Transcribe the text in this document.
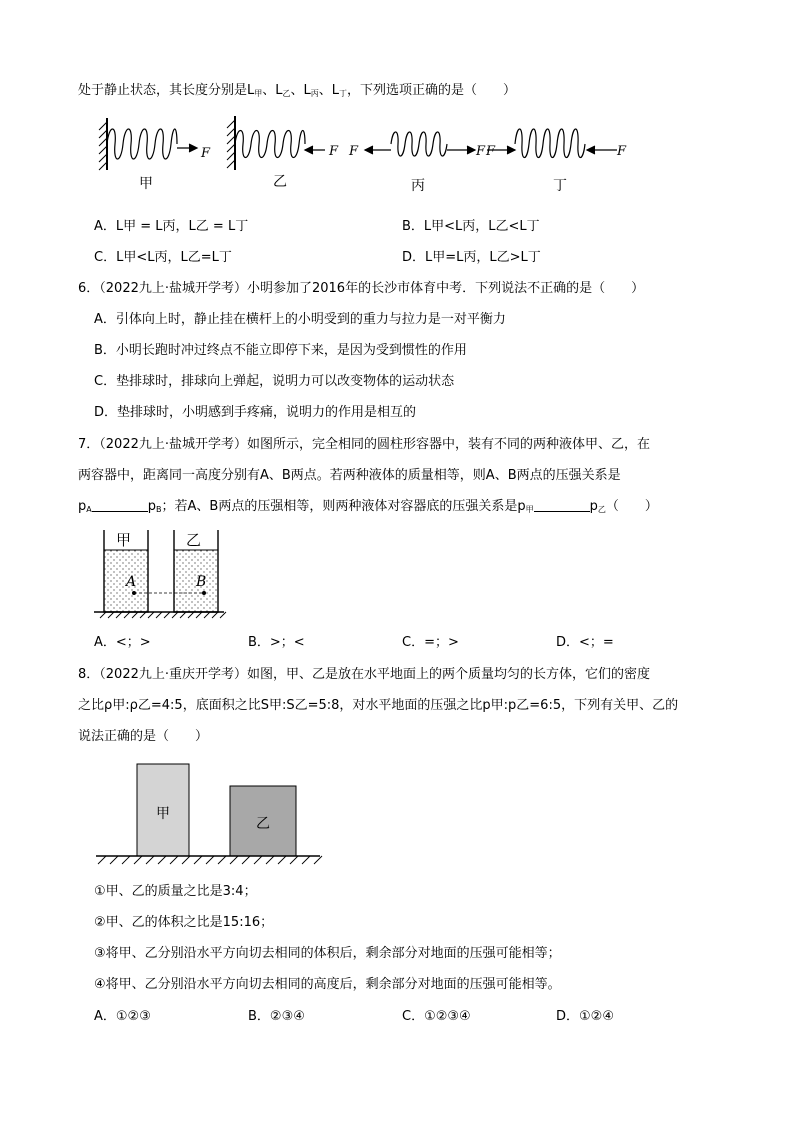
处于静止状态，其长度分别是$L_甲$、$L_乙$、$L_丙$、$L_丁$，下列选项正确的是（　　）
F	F F	F F	F
甲	乙	丙	丁
A．L甲 = L丙，L乙 = L丁	B．L甲<L丙，L乙<L丁
C．L甲<L丙，L乙=L丁	D．L甲=L丙，L乙>L丁
6．（2022九上·盐城开学考）小明参加了2016年的长沙市体育中考．下列说法不正确的是（　　）
A．引体向上时，静止挂在横杆上的小明受到的重力与拉力是一对平衡力
B．小明长跑时冲过终点不能立即停下来，是因为受到惯性的作用
C．垫排球时，排球向上弹起，说明力可以改变物体的运动状态
D．垫排球时，小明感到手疼痛，说明力的作用是相互的
7．（2022九上·盐城开学考）如图所示，完全相同的圆柱形容器中，装有不同的两种液体甲、乙，在
两容器中，距离同一高度分别有A、B两点。若两种液体的质量相等，则A、B两点的压强关系是
$p_A$	$p_B$；若A、B两点的压强相等，则两种液体对容器底的压强关系是$p_甲$	$p_乙$（　　）
甲	乙
A	B
A．<；>	B．>；<	C．=；>	D．<；=
8．（2022九上·重庆开学考）如图，甲、乙是放在水平地面上的两个质量均匀的长方体，它们的密度
之比ρ甲:ρ乙=4:5，底面积之比S甲:S乙=5:8，对水平地面的压强之比p甲:p乙=6:5，下列有关甲、乙的
说法正确的是（　　）
甲
乙
①甲、乙的质量之比是3:4；
②甲、乙的体积之比是15:16；
③将甲、乙分别沿水平方向切去相同的体积后，剩余部分对地面的压强可能相等；
④将甲、乙分别沿水平方向切去相同的高度后，剩余部分对地面的压强可能相等。
A．①②③	B．②③④	C．①②③④	D．①②④
